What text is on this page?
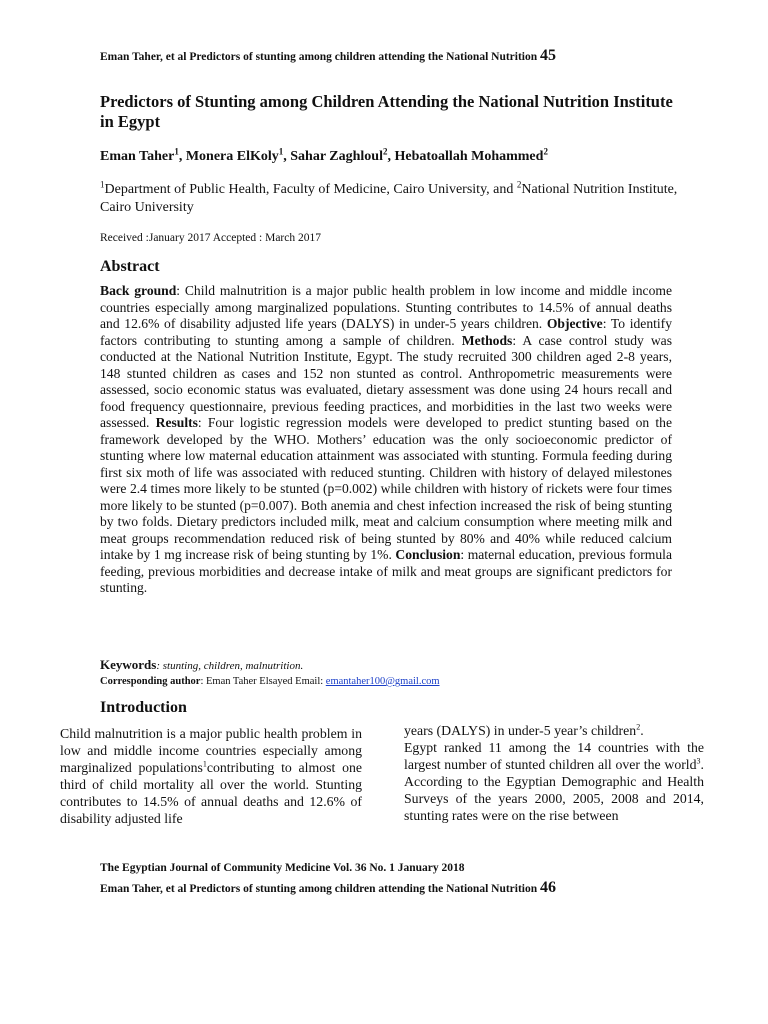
Eman Taher, et al Predictors of stunting among children attending the National Nutrition 45
Predictors of Stunting among Children Attending the National Nutrition Institute in Egypt
Eman Taher$^1$, Monera ElKoly$^1$, Sahar Zaghloul$^2$, Hebatoallah Mohammed$^2$
$^1$Department of Public Health, Faculty of Medicine, Cairo University, and $^2$National Nutrition Institute, Cairo University
Received :January 2017 Accepted : March 2017
Abstract
Back ground: Child malnutrition is a major public health problem in low income and middle income countries especially among marginalized populations. Stunting contributes to 14.5% of annual deaths and 12.6% of disability adjusted life years (DALYS) in under-5 years children. Objective: To identify factors contributing to stunting among a sample of children. Methods: A case control study was conducted at the National Nutrition Institute, Egypt. The study recruited 300 children aged 2-8 years, 148 stunted children as cases and 152 non stunted as control. Anthropometric measurements were assessed, socio economic status was evaluated, dietary assessment was done using 24 hours recall and food frequency questionnaire, previous feeding practices, and morbidities in the last two weeks were assessed. Results: Four logistic regression models were developed to predict stunting based on the framework developed by the WHO. Mothers’ education was the only socioeconomic predictor of stunting where low maternal education attainment was associated with stunting. Formula feeding during first six moth of life was associated with reduced stunting. Children with history of delayed milestones were 2.4 times more likely to be stunted (p=0.002) while children with history of rickets were four times more likely to be stunted (p=0.007). Both anemia and chest infection increased the risk of being stunting by two folds. Dietary predictors included milk, meat and calcium consumption where meeting milk and meat groups recommendation reduced risk of being stunted by 80% and 40% while reduced calcium intake by 1 mg increase risk of being stunting by 1%. Conclusion: maternal education, previous formula feeding, previous morbidities and decrease intake of milk and meat groups are significant predictors for stunting.
Keywords: stunting, children, malnutrition.
Corresponding author: Eman Taher Elsayed Email: emantaher100@gmail.com
Introduction
Child malnutrition is a major public health problem in low and middle income countries especially among marginalized populations$^1$contributing to almost one third of child mortality all over the world. Stunting contributes to 14.5% of annual deaths and 12.6% of disability adjusted life
years (DALYS) in under-5 year’s children$^2$.
Egypt ranked 11 among the 14 countries with the largest number of stunted children all over the world$^3$. According to the Egyptian Demographic and Health Surveys of the years 2000, 2005, 2008 and 2014, stunting rates were on the rise between
The Egyptian Journal of Community Medicine Vol. 36 No. 1 January 2018
Eman Taher, et al Predictors of stunting among children attending the National Nutrition 46
